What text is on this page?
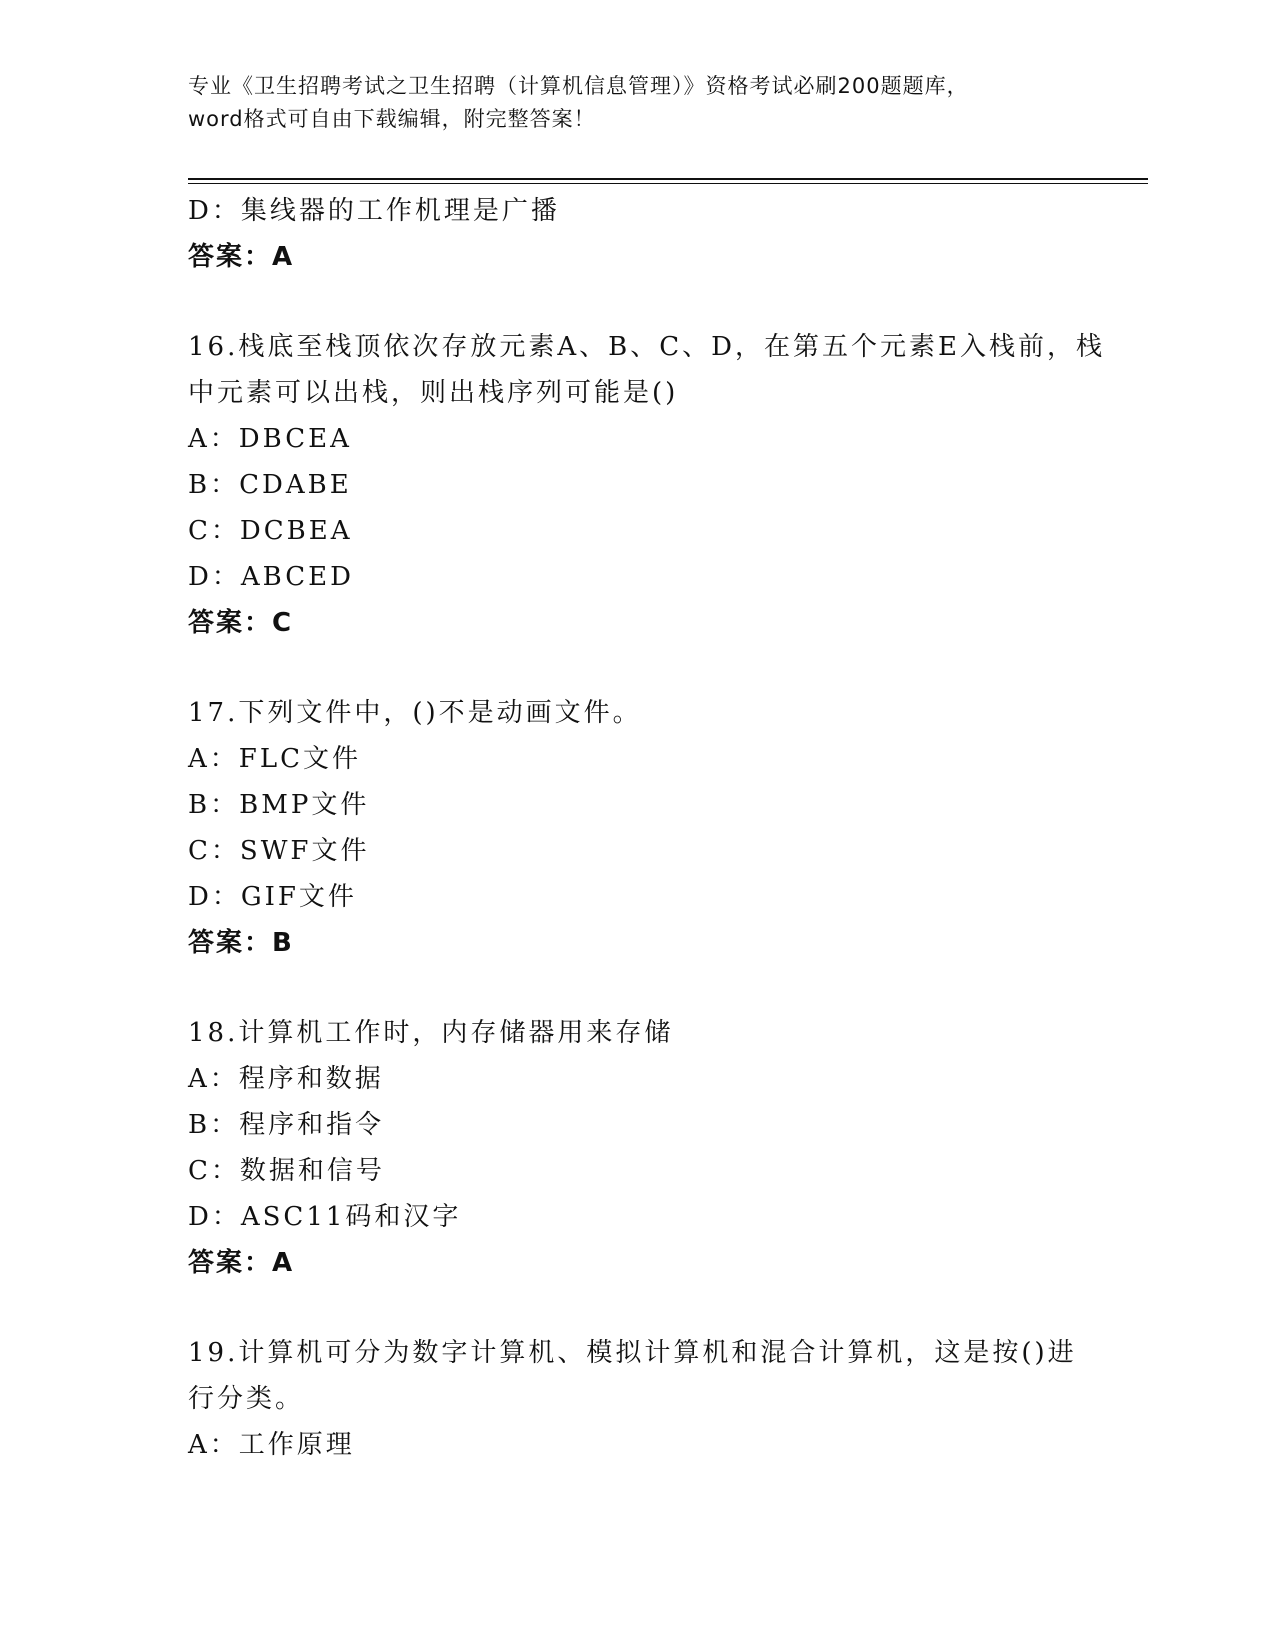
专业《卫生招聘考试之卫生招聘（计算机信息管理）》资格考试必刷200题题库，
word格式可自由下载编辑，附完整答案！
D：集线器的工作机理是广播
答案：A
16.栈底至栈顶依次存放元素A、B、C、D，在第五个元素E入栈前，栈
中元素可以出栈，则出栈序列可能是()
A：DBCEA
B：CDABE
C：DCBEA
D：ABCED
答案：C
17.下列文件中，()不是动画文件。
A：FLC文件
B：BMP文件
C：SWF文件
D：GIF文件
答案：B
18.计算机工作时，内存储器用来存储
A：程序和数据
B：程序和指令
C：数据和信号
D：ASC11码和汉字
答案：A
19.计算机可分为数字计算机、模拟计算机和混合计算机，这是按()进
行分类。
A：工作原理
